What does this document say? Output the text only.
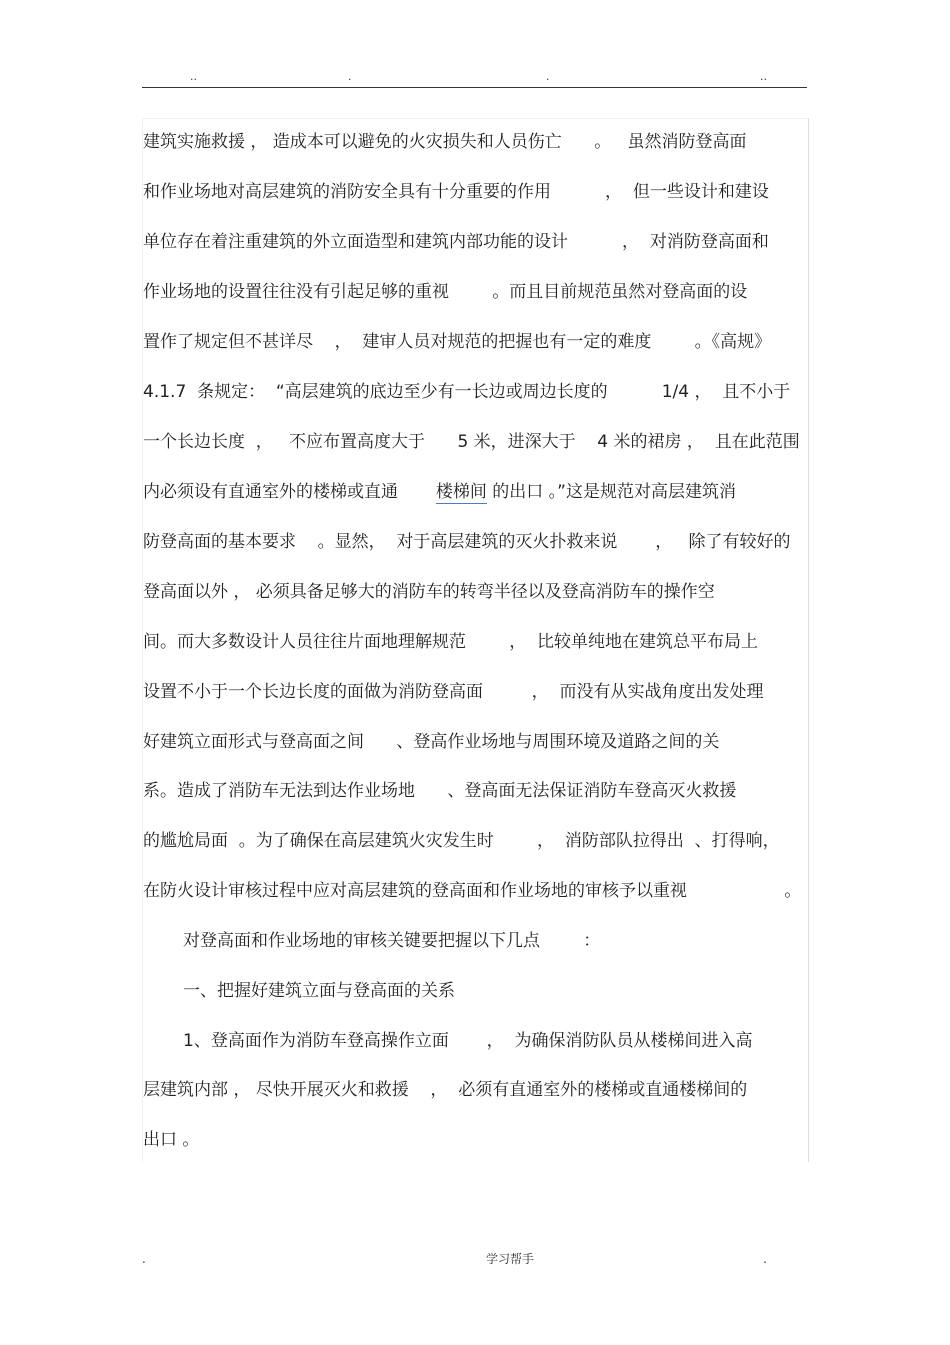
..	.	.	..
建筑实施救援 ， 造成本可以避免的火灾损失和人员伤亡      。   虽然消防登高面
和作业场地对高层建筑的消防安全具有十分重要的作用          ，  但一些设计和建设
单位存在着注重建筑的外立面造型和建筑内部功能的设计          ，  对消防登高面和
作业场地的设置往往没有引起足够的重视        。而且目前规范虽然对登高面的设
置作了规定但不甚详尽    ，  建审人员对规范的把握也有一定的难度        。《高规》
4.1.7  条规定：  “高层建筑的底边至少有一长边或周边长度的          1/4 ，  且不小于
一个长边长度  ，   不应布置高度大于      5 米，进深大于    4 米的裙房 ，  且在此范围
内必须设有直通室外的楼梯或直通       楼梯间 的出口 。”这是规范对高层建筑消
防登高面的基本要求    。显然，  对于高层建筑的灭火扑救来说       ，   除了有较好的
登高面以外 ， 必须具备足够大的消防车的转弯半径以及登高消防车的操作空
间。而大多数设计人员往往片面地理解规范        ，  比较单纯地在建筑总平布局上
设置不小于一个长边长度的面做为消防登高面         ，  而没有从实战角度出发处理
好建筑立面形式与登高面之间      、登高作业场地与周围环境及道路之间的关
系。造成了消防车无法到达作业场地      、登高面无法保证消防车登高灭火救援
的尴尬局面  。为了确保在高层建筑火灾发生时        ，  消防部队拉得出  、打得响，
在防火设计审核过程中应对高层建筑的登高面和作业场地的审核予以重视                  。
对登高面和作业场地的审核关键要把握以下几点        ：
一、把握好建筑立面与登高面的关系
1、登高面作为消防车登高操作立面       ，  为确保消防队员从楼梯间进入高
层建筑内部 ， 尽快开展灭火和救援    ，  必须有直通室外的楼梯或直通楼梯间的
出口 。
.	学习帮手	.
